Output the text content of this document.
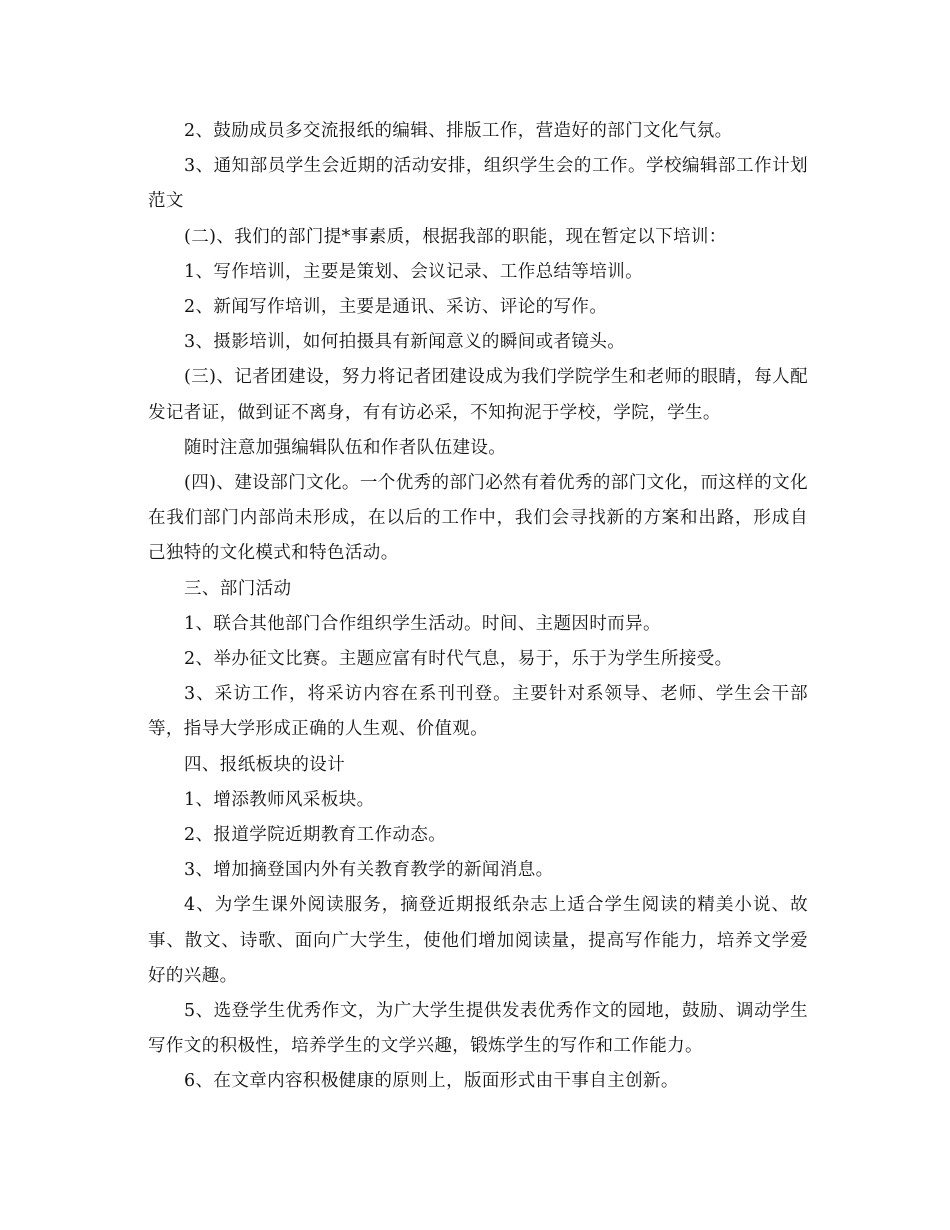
2、鼓励成员多交流报纸的编辑、排版工作，营造好的部门文化气氛。

3、通知部员学生会近期的活动安排，组织学生会的工作。学校编辑部工作计划范文

(二)、我们的部门提*事素质，根据我部的职能，现在暂定以下培训：

1、写作培训，主要是策划、会议记录、工作总结等培训。

2、新闻写作培训，主要是通讯、采访、评论的写作。

3、摄影培训，如何拍摄具有新闻意义的瞬间或者镜头。

(三)、记者团建设，努力将记者团建设成为我们学院学生和老师的眼睛，每人配发记者证，做到证不离身，有有访必采，不知拘泥于学校，学院，学生。

随时注意加强编辑队伍和作者队伍建设。

(四)、建设部门文化。一个优秀的部门必然有着优秀的部门文化，而这样的文化在我们部门内部尚未形成，在以后的工作中，我们会寻找新的方案和出路，形成自己独特的文化模式和特色活动。

三、部门活动

1、联合其他部门合作组织学生活动。时间、主题因时而异。

2、举办征文比赛。主题应富有时代气息，易于，乐于为学生所接受。

3、采访工作，将采访内容在系刊刊登。主要针对系领导、老师、学生会干部等，指导大学形成正确的人生观、价值观。

四、报纸板块的设计

1、增添教师风采板块。

2、报道学院近期教育工作动态。

3、增加摘登国内外有关教育教学的新闻消息。

4、为学生课外阅读服务，摘登近期报纸杂志上适合学生阅读的精美小说、故事、散文、诗歌、面向广大学生，使他们增加阅读量，提高写作能力，培养文学爱好的兴趣。

5、选登学生优秀作文，为广大学生提供发表优秀作文的园地，鼓励、调动学生写作文的积极性，培养学生的文学兴趣，锻炼学生的写作和工作能力。

6、在文章内容积极健康的原则上，版面形式由干事自主创新。
